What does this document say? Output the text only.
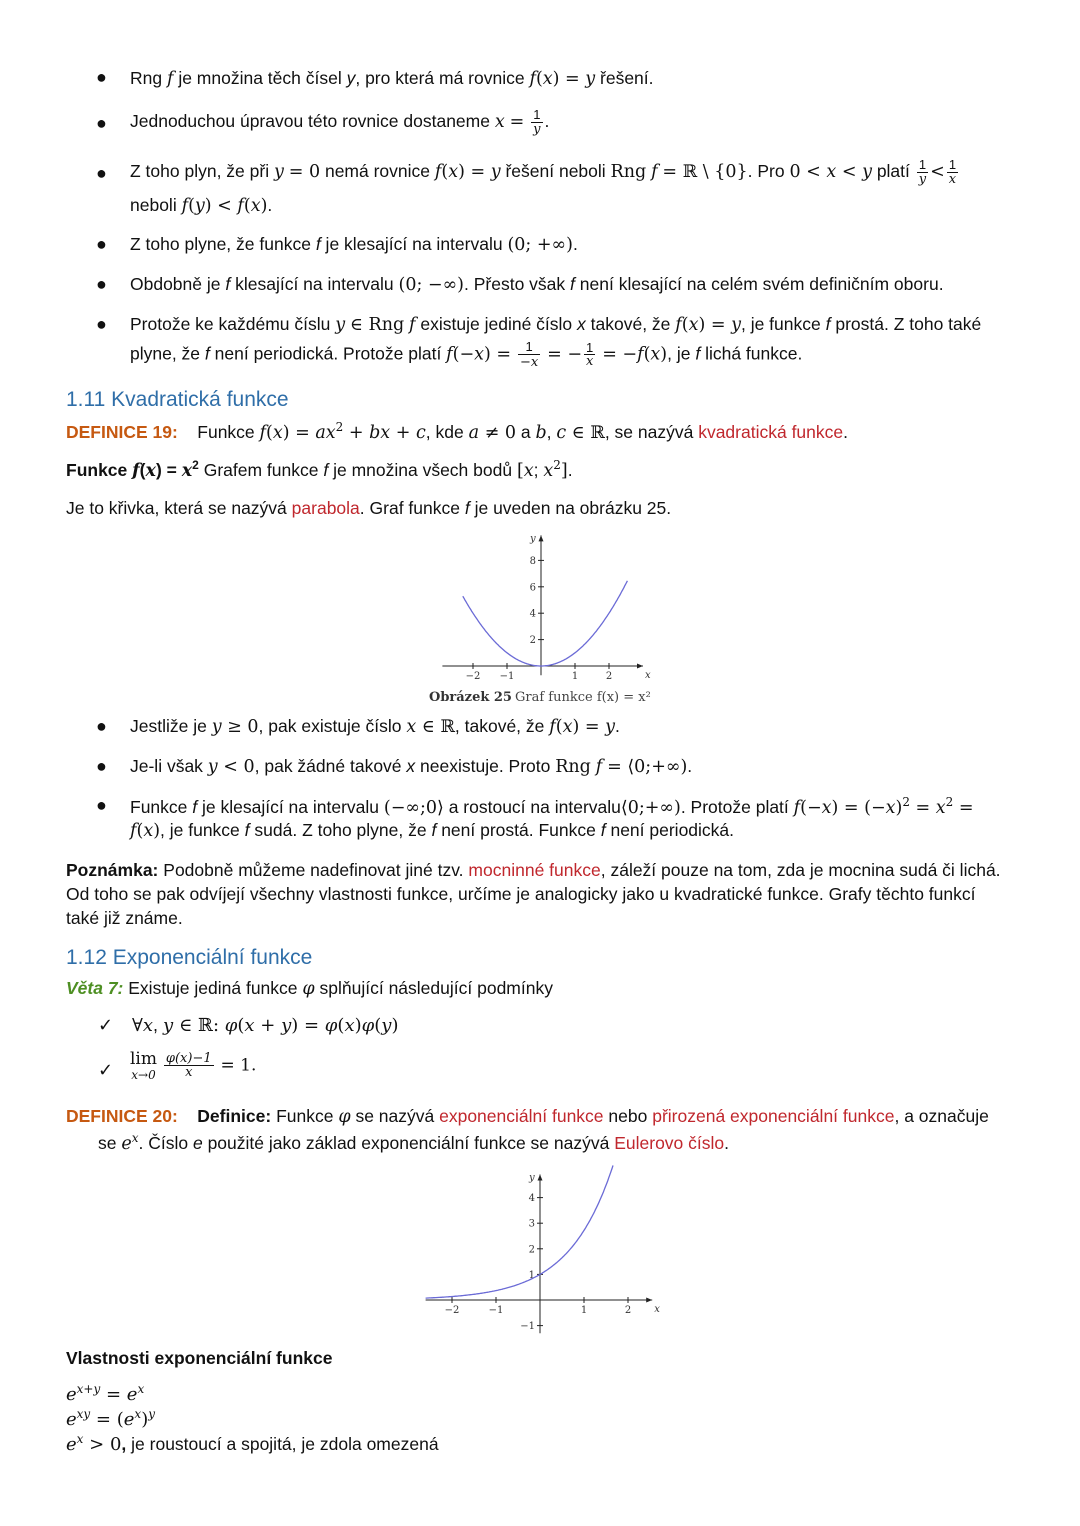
● Rng f je množina těch čísel y, pro která má rovnice f(x) = y řešení.
● Jednoduchou úpravou této rovnice dostaneme $x = \frac{1}{y}$ .
● Z toho plyn, že při y = 0 nemá rovnice f(x) = y řešení neboli Rng f = ℝ \ {0}. Pro 0 < x < y platí $\frac{1}{y} < \frac{1}{x}$
neboli f(y) < f(x).
● Z toho plyne, že funkce f je klesající na intervalu (0; +∞).
● Obdobně je f klesající na intervalu (0; −∞). Přesto však f není klesající na celém svém definičním oboru.
● Protože ke každému číslu y ∈ Rng f existuje jediné číslo x takové, že f(x) = y, je funkce f prostá. Z toho také
plyne, že f není periodická. Protože platí $f(-x) = \frac{1}{-x}$ = − $\frac{1}{x} = -f(x)$, je f lichá funkce.
1.11 Kvadratická funkce
DEFINICE 19:    Funkce $f(x) = ax^2$ + bx + c, kde a ≠ 0 a b, c ∈ ℝ, se nazývá kvadratická funkce.
Funkce $f(x) = x^2$ Grafem funkce f je množina všech bodů [x; $x^2$].
Je to křivka, která se nazývá parabola. Graf funkce f je uveden na obrázku 25.
x
y
−2 −1	1	2
2
4
6
8
Obrázek 25 Graf funkce f(x) = x²
● Jestliže je y ≥ 0, pak existuje číslo x ∈ ℝ, takové, že f(x) = y.
● Je-li však y < 0, pak žádné takové x neexistuje. Proto Rng f = ⟨0;+∞).
● Funkce f je klesající na intervalu (−∞;0⟩ a rostoucí na intervalu⟨0;+∞). Protože platí $f(-x) = (-x)^2 = x^2$ =
f(x), je funkce f sudá. Z toho plyne, že f není prostá. Funkce f není periodická.
Poznámka: Podobně můžeme nadefinovat jiné tzv. mocninné funkce, záleží pouze na tom, zda je mocnina sudá či lichá.
Od toho se pak odvíjejí všechny vlastnosti funkce, určíme je analogicky jako u kvadratické funkce. Grafy těchto funkcí
také již známe.
1.12 Exponenciální funkce
Věta 7: Existuje jediná funkce φ splňující následující podmínky
✓ ∀x, y ∈ ℝ: φ(x + y) = φ(x)φ(y)
✓
lim
x→0
$\frac{\varphi(x)-1}{x} = 1$.
DEFINICE 20: Definice: Funkce φ se nazývá exponenciální funkce nebo přirozená exponenciální funkce, a označuje
se $e^x$. Číslo e použité jako základ exponenciální funkce se nazývá Eulerovo číslo.
x
y
−2	−1	1	2
−1
1
2
3
4
Vlastnosti exponenciální funkce
$e^{x+y} = e^x$
$e^{xy} = (e^x)^y$
$e^x > 0$, je roustoucí a spojitá, je zdola omezená
